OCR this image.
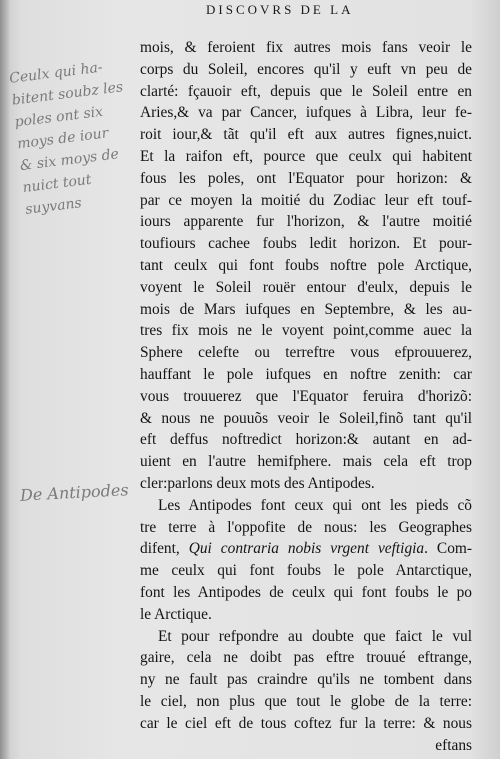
DISCOVRS DE LA
Ceulx qui ha-
bitent soubz les
poles ont six
moys de iour
& six moys de
nuict tout
suyvans
De Antipodes
mois, & feroient fix autres mois fans veoir le
corps du Soleil, encores qu'il y euft vn peu de
clarté: fçauoir eft, depuis que le Soleil entre en
Aries,& va par Cancer, iufques à Libra, leur fe-
roit iour,& tãt qu'il eft aux autres fignes,nuict.
Et la raifon eft, pource que ceulx qui habitent
fous les poles, ont l'Equator pour horizon: &
par ce moyen la moitié du Zodiac leur eft touf-
iours apparente fur l'horizon, & l'autre moitié
toufiours cachee foubs ledit horizon. Et pour-
tant ceulx qui font foubs noftre pole Arctique,
voyent le Soleil rouër entour d'eulx, depuis le
mois de Mars iufques en Septembre, & les au-
tres fix mois ne le voyent point,comme auec la
Sphere celefte ou terreftre vous efprouuerez,
hauffant le pole iufques en noftre zenith: car
vous trouuerez que l'Equator feruira d'horizõ:
& nous ne pouuõs veoir le Soleil,finõ tant qu'il
eft deffus noftredict horizon:& autant en ad-
uient en l'autre hemifphere. mais cela eft trop
cler:parlons deux mots des Antipodes.
Les Antipodes font ceux qui ont les pieds cõ
tre terre à l'oppofite de nous: les Geographes
difent, Qui contraria nobis vrgent veftigia. Com-
me ceulx qui font foubs le pole Antarctique,
font les Antipodes de ceulx qui font foubs le po
le Arctique.
Et pour refpondre au doubte que faict le vul
gaire, cela ne doibt pas eftre trouué eftrange,
ny ne fault pas craindre qu'ils ne tombent dans
le ciel, non plus que tout le globe de la terre:
car le ciel eft de tous coftez fur la terre: & nous
eftans
